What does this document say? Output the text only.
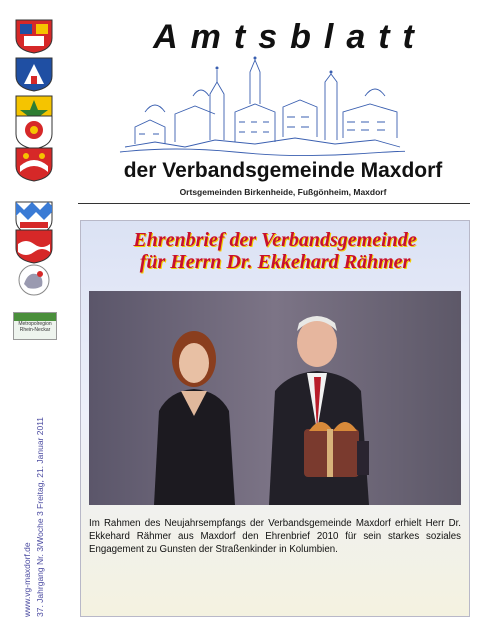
Metropolregion
Rhein-Neckar
www.vg-maxdorf.de 37. Jahrgang Nr. 3/Woche 3 Freitag, 21. Januar 2011
Amtsblatt
der Verbandsgemeinde Maxdorf
Ortsgemeinden Birkenheide, Fußgönheim, Maxdorf
Ehrenbrief der Verbandsgemeinde
für Herrn Dr. Ekkehard Rähmer
Im Rahmen des Neujahrsempfangs der Verbandsgemeinde Maxdorf erhielt Herr Dr. Ekkehard Rähmer aus Maxdorf den Ehrenbrief 2010 für sein starkes soziales Engagement zu Gunsten der Straßenkinder in Kolumbien.
